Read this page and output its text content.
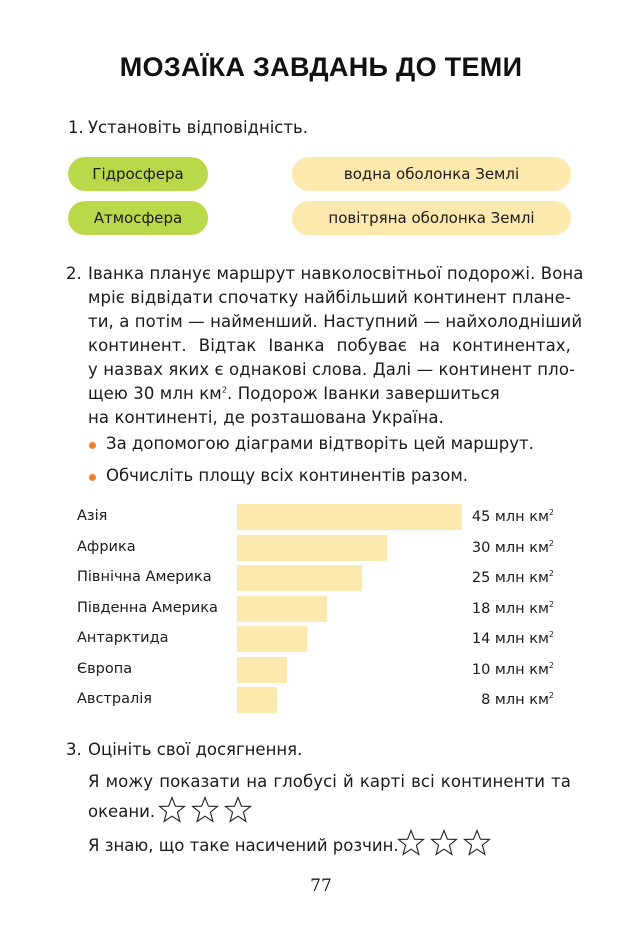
МОЗАЇКА ЗАВДАНЬ ДО ТЕМИ
1. Установіть відповідність.
Гідросфера	водна оболонка Землі
Атмосфера	повітряна оболонка Землі
2. Іванка планує маршрут навколосвітньої подорожі. Вона
мріє відвідати спочатку найбільший континент плане-
ти, а потім — найменший. Наступний — найхолодніший
континент. Відтак Іванка побуває на континентах,
у назвах яких є однакові слова. Далі — континент пло-
щею 30 млн $км^2$. Подорож Іванки завершиться
на континенті, де розташована Україна.
За допомогою діаграми відтворіть цей маршрут.
Обчисліть площу всіх континентів разом.
Азія	45 млн $км^2$
Африка	30 млн $км^2$
Північна Америка	25 млн $км^2$
Південна Америка	18 млн $км^2$
Антарктида	14 млн $км^2$
Європа	10 млн $км^2$
Австралія	8 млн $км^2$
3. Оцініть свої досягнення.
Я можу показати на глобусі й карті всі континенти та
океани.
Я знаю, що таке насичений розчин.
77
